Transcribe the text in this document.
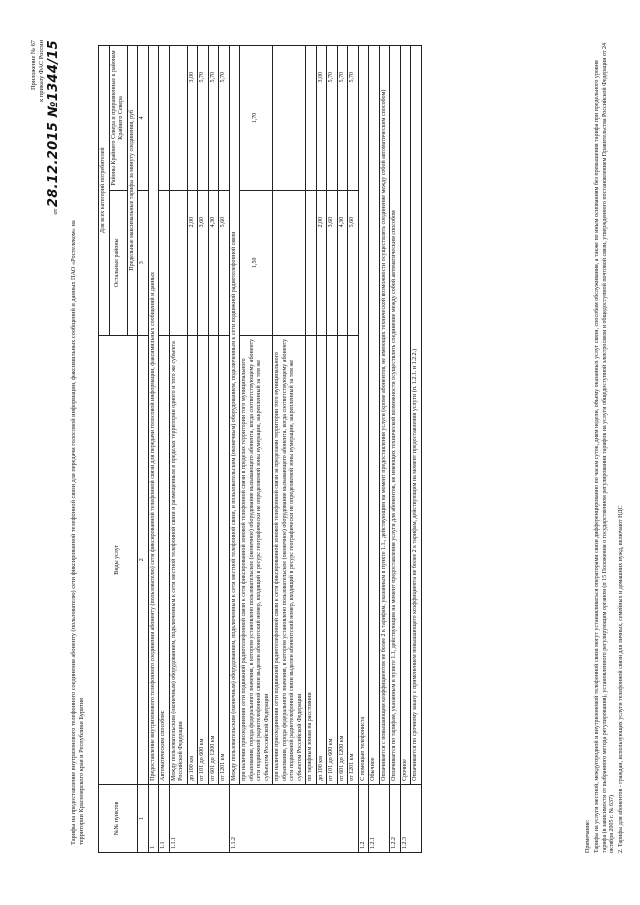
Приложение № 67 к приказу ФАС России
от 28.12.2015 №1344/15
Тарифы на предоставление внутризонового телефонного соединения абоненту (пользователю) сети фиксированной телефонной связи для передачи голосовой информации, факсимильных сообщений и данных ПАО «Ростелеком» на территории Красноярского края и Республики Бурятия	№№ пунктов	Виды услуг	Для всех категорий потребителей	
		Остальные районы	Районы Крайнего Севера и приравненные к районам Крайнего Севера
		Предельные максимальные тарифы за минуту соединения, руб	
1	2	3	4
1	Предоставление внутризонового телефонного соединения абоненту (пользователю) сети фиксированной телефонной связи для передачи голосовой информации, факсимильных сообщений и данных		
1.1	Автоматическим способом:		
1.1.1	Между пользовательским (оконечным) оборудованием, подключенным к сети местной телефонной связи и размещенным в пределах территории одного и того же субъекта Российской Федерации		
	до 100 км	2,00	3,00
	от 101 до 600 км	3,60	5,70
	от 601 до 1200 км	4,30	5,70
	от 1201 км	5,60	5,70
1.1.2	Между пользовательским (оконечным) оборудованием, подключенным к сети местной телефонной связи, и пользовательским (оконечным) оборудованием, подключенным к сети подвижной радиотелефонной связи		
	при наличии присоединения сети подвижной радиотелефонной связи к сети фиксированной зоновой телефонной связи в пределах территории того муниципального образования, города федерального значения, в котором установлено пользовательское (оконечное) оборудование вызывающего абонента, когда соответствующему абоненту сети подвижной радиотелефонной связи выделен абонентский номер, входящий в ресурс географически не определяемой зоны нумерации, закрепленный за тем же субъектом Российской Федерации	1,50	1,70
	при наличии присоединения сети подвижной радиотелефонной связи к сети фиксированной зоновой телефонной связи за пределами территории того муниципального образования, города федерального значения, в котором установлено пользовательское (оконечное) оборудование вызывающего абонента, когда соответствующему абоненту сети подвижной радиотелефонной связи выделен абонентский номер, входящий в ресурс географически не определяемой зоны нумерации, закрепленный за тем же субъектом Российской Федерации		
	по тарифным зонам на расстоянии		
	до 100 км	2,00	3,00
	от 101 до 600 км	3,60	5,70
	от 601 до 1200 км	4,30	5,70
	от 1201 км	5,60	5,70
1.2	С помощью телефониста		
1.2.1	Обычное		
	Оплачивается с повышающим коэффициентом не более 2 к тарифам, указанным в пункте 1.1., действующим на момент предоставления услуги (кроме абонентов, не имеющих технической возможности осуществлять соединение между собой автоматическим способом)		
1.2.2	Оплачивается по тарифам, указанным в пункте 1.1, действующим на момент предоставления услуги для абонентов, не имеющих технической возможности осуществлять соединение между собой автоматическим способом		
1.2.3	Срочное		
	Оплачивается по срочному заказу с применением повышающего коэффициента не более 2 к тарифам, действующим на момент предоставления услуги (п. 1.2.1. и 1.2.2.)		

Примечание: Тарифы на услуги местной, междугородной и внутризоновой телефонной связи могут устанавливаться операторами связи дифференцированно по часам суток, дням недели, объему оказанных услуг связи, способам обслуживания, а также по иным основаниям без превышения тарифа при предельного уровня тарифа (в зависимости от выбранного метода регулирования), установленного регулирующим органом (п 15 Положения о государственном регулировании тарифов на услуги общедоступной электросвязи и общедоступной почтовой связи, утвержденного постановлением Правительства Российской Федерации от 24 октября 2005 г. № 637) 2. Тарифы для абонентов - граждан, использующих услуги телефонной связи для личных, семейных и домашних нужд, включают НДС
